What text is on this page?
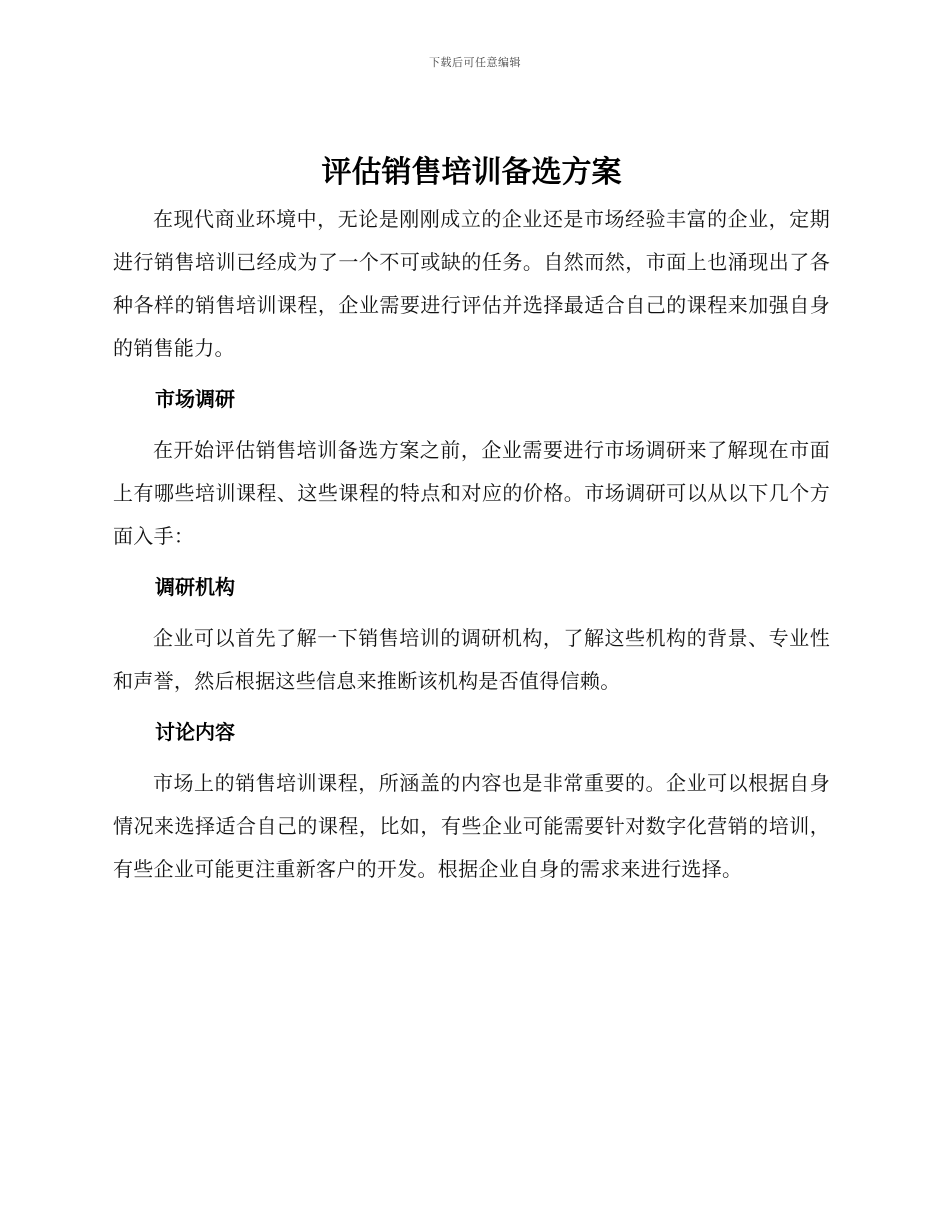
下载后可任意编辑
评估销售培训备选方案

在现代商业环境中，无论是刚刚成立的企业还是市场经验丰富的企业，定期进行销售培训已经成为了一个不可或缺的任务。自然而然，市面上也涌现出了各种各样的销售培训课程，企业需要进行评估并选择最适合自己的课程来加强自身的销售能力。

市场调研

在开始评估销售培训备选方案之前，企业需要进行市场调研来了解现在市面上有哪些培训课程、这些课程的特点和对应的价格。市场调研可以从以下几个方面入手：

调研机构

企业可以首先了解一下销售培训的调研机构，了解这些机构的背景、专业性和声誉，然后根据这些信息来推断该机构是否值得信赖。

讨论内容

市场上的销售培训课程，所涵盖的内容也是非常重要的。企业可以根据自身情况来选择适合自己的课程，比如，有些企业可能需要针对数字化营销的培训，有些企业可能更注重新客户的开发。根据企业自身的需求来进行选择。
